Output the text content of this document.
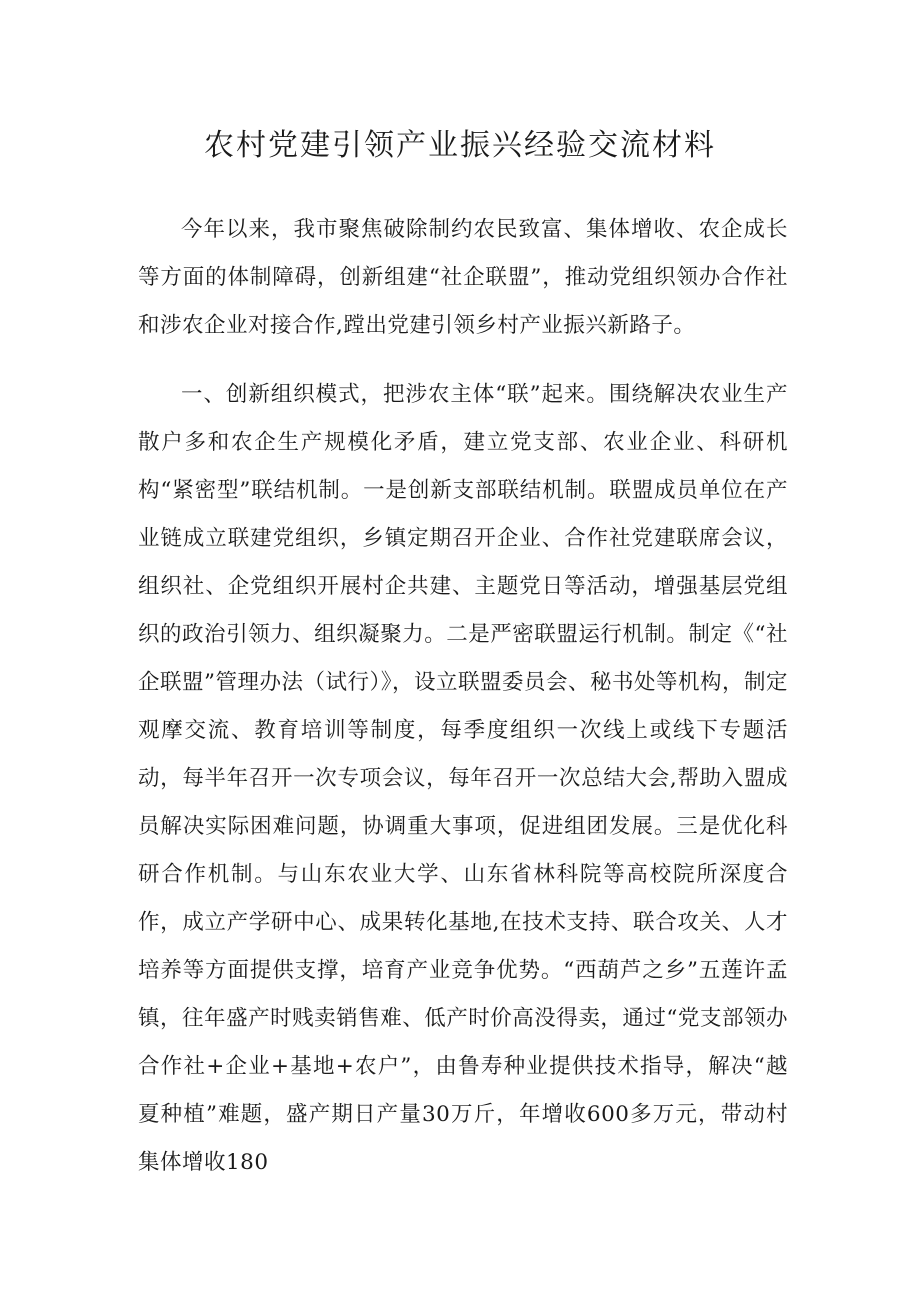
农村党建引领产业振兴经验交流材料

今年以来，我市聚焦破除制约农民致富、集体增收、农企成长等方面的体制障碍，创新组建“社企联盟”，推动党组织领办合作社和涉农企业对接合作,蹚出党建引领乡村产业振兴新路子。

一、创新组织模式，把涉农主体“联”起来。围绕解决农业生产散户多和农企生产规模化矛盾，建立党支部、农业企业、科研机构“紧密型”联结机制。一是创新支部联结机制。联盟成员单位在产业链成立联建党组织，乡镇定期召开企业、合作社党建联席会议，组织社、企党组织开展村企共建、主题党日等活动，增强基层党组织的政治引领力、组织凝聚力。二是严密联盟运行机制。制定《“社企联盟”管理办法（试行）》，设立联盟委员会、秘书处等机构，制定观摩交流、教育培训等制度，每季度组织一次线上或线下专题活动，每半年召开一次专项会议，每年召开一次总结大会,帮助入盟成员解决实际困难问题，协调重大事项，促进组团发展。三是优化科研合作机制。与山东农业大学、山东省林科院等高校院所深度合作，成立产学研中心、成果转化基地,在技术支持、联合攻关、人才培养等方面提供支撑，培育产业竞争优势。“西葫芦之乡”五莲许孟镇，往年盛产时贱卖销售难、低产时价高没得卖，通过“党支部领办合作社+企业+基地+农户”，由鲁寿种业提供技术指导，解决“越夏种植”难题，盛产期日产量30万斤，年增收600多万元，带动村集体增收180
